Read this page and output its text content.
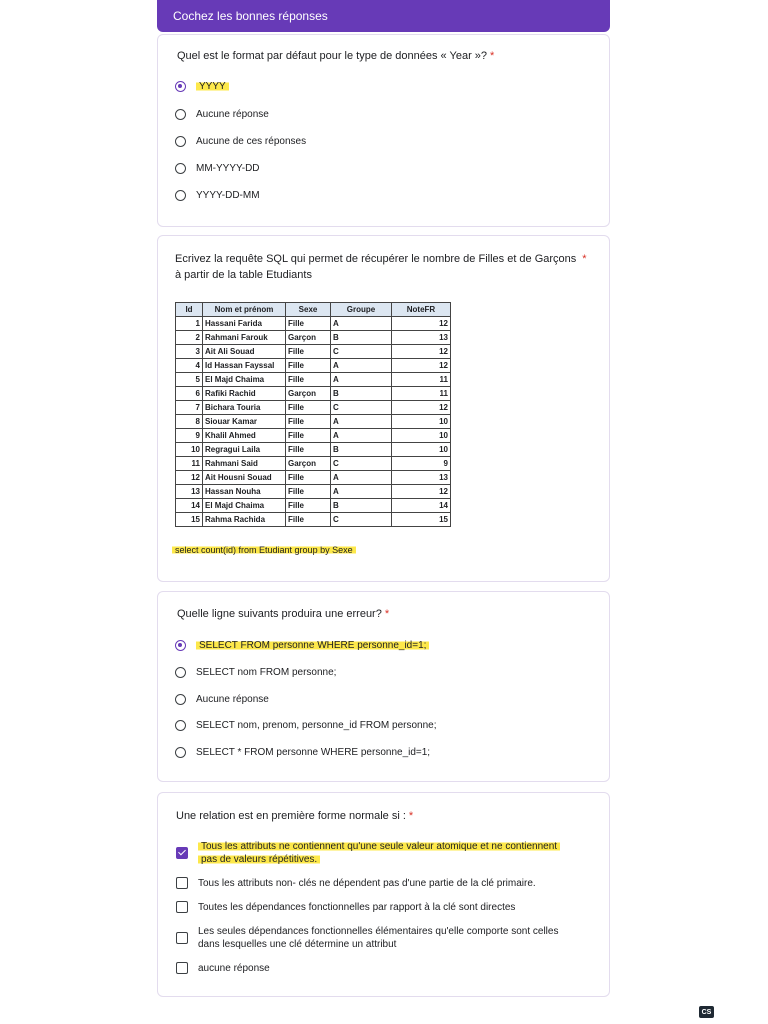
Cochez les bonnes réponses
Quel est le format par défaut pour le type de données « Year »? *
YYYY
Aucune réponse
Aucune de ces réponses
MM-YYYY-DD
YYYY-DD-MM
Ecrivez la requête SQL qui permet de récupérer le nombre de Filles et de Garçons *
à partir de la table Etudiants
Id	Nom et prénom	Sexe	Groupe	NoteFR
1	Hassani Farida	Fille	A	12
2	Rahmani Farouk	Garçon	B	13
3	Ait Ali Souad	Fille	C	12
4	Id Hassan Fayssal	Fille	A	12
5	El Majd Chaima	Fille	A	11
6	Rafiki Rachid	Garçon	B	11
7	Bichara Touria	Fille	C	12
8	Siouar Kamar	Fille	A	10
9	Khalil Ahmed	Fille	A	10
10	Regragui Laila	Fille	B	10
11	Rahmani Said	Garçon	C	9
12	Ait Housni Souad	Fille	A	13
13	Hassan Nouha	Fille	A	12
14	El Majd Chaima	Fille	B	14
15	Rahma Rachida	Fille	C	15
select count(id) from Etudiant group by Sexe
Quelle ligne suivants produira une erreur? *
SELECT FROM personne WHERE personne_id=1;
SELECT nom FROM personne;
Aucune réponse
SELECT nom, prenom, personne_id FROM personne;
SELECT * FROM personne WHERE personne_id=1;
Une relation est en première forme normale si : *
Tous les attributs ne contiennent qu'une seule valeur atomique et ne contiennent
pas de valeurs répétitives.
Tous les attributs non- clés ne dépendent pas d'une partie de la clé primaire.
Toutes les dépendances fonctionnelles par rapport à la clé sont directes
Les seules dépendances fonctionnelles élémentaires qu'elle comporte sont celles
dans lesquelles une clé détermine un attribut
aucune réponse
CS
